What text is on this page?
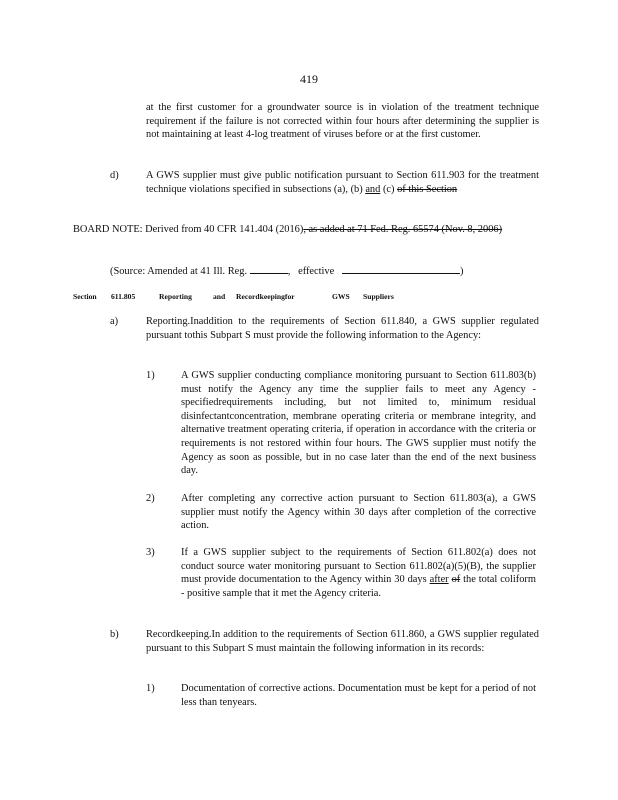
419
at the first customer for a groundwater source is in violation of the treatment technique requirement if the failure is not corrected within four hours after determining the supplier is not maintaining at least 4-log treatment of viruses before or at the first customer.
d)	A GWS supplier must give public notification pursuant to Section 611.903 for the treatment technique violations specified in subsections (a), (b) and (c) of this Section
BOARD NOTE: Derived from 40 CFR 141.404 (2016), as added at 71 Fed. Reg. 65574 (Nov. 8, 2006)
(Source: Amended at 41 Ill. Reg.	,   effective	)
Section 611.805	Reporting	and Recordkeepingfor	GWS Suppliers
a)	Reporting.Inaddition to the requirements of Section 611.840, a GWS supplier regulated pursuant tothis Subpart S must provide the following information to the Agency:
1)	A GWS supplier conducting compliance monitoring pursuant to Section 611.803(b) must notify the Agency any time the supplier fails to meet any Agency -specifiedrequirements including, but not limited to, minimum residual disinfectantconcentration, membrane operating criteria or membrane integrity, and alternative treatment operating criteria, if operation in accordance with the criteria or requirements is not restored within four hours. The GWS supplier must notify the Agency as soon as possible, but in no case later than the end of the next business day.
2)	After completing any corrective action pursuant to Section 611.803(a), a GWS supplier must notify the Agency within 30 days after completion of the corrective action.
3)	If a GWS supplier subject to the requirements of Section 611.802(a) does not conduct source water monitoring pursuant to Section 611.802(a)(5)(B), the supplier must provide documentation to the Agency within 30 days after of the total coliform - positive sample that it met the Agency criteria.
b)	Recordkeeping.In addition to the requirements of Section 611.860, a GWS supplier regulated pursuant to this Subpart S must maintain the following information in its records:
1)	Documentation of corrective actions. Documentation must be kept for a period of not less than tenyears.
